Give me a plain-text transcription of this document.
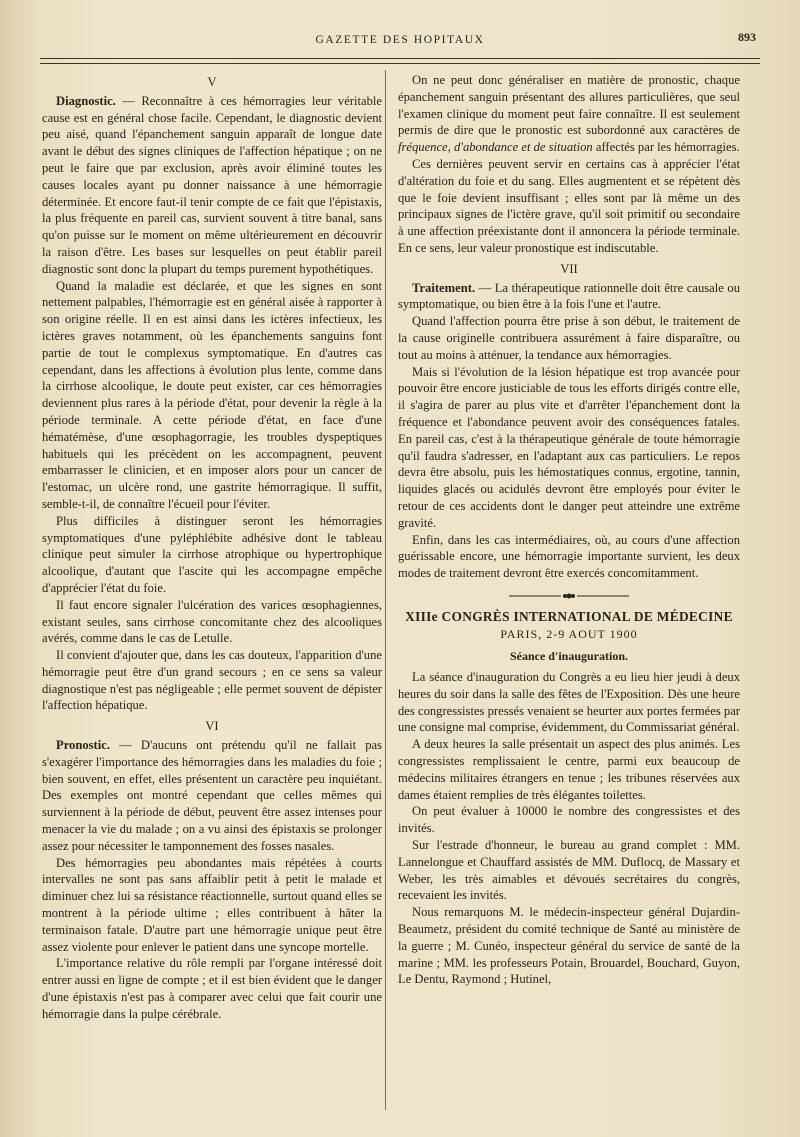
GAZETTE DES HOPITAUX	893
V

Diagnostic. — Reconnaître à ces hémorragies leur véritable cause est en général chose facile. Cependant, le diagnostic devient peu aisé, quand l'épanchement sanguin apparaît de longue date avant le début des signes cliniques de l'affection hépatique ; on ne peut le faire que par exclusion, après avoir éliminé toutes les causes locales ayant pu donner naissance à une hémorragie déterminée. Et encore faut-il tenir compte de ce fait que l'épistaxis, la plus fréquente en pareil cas, survient souvent à titre banal, sans qu'on puisse sur le moment on même ultérieurement en découvrir la raison d'être. Les bases sur lesquelles on peut établir pareil diagnostic sont donc la plupart du temps purement hypothétiques.

Quand la maladie est déclarée, et que les signes en sont nettement palpables, l'hémorragie est en général aisée à rapporter à son origine réelle. Il en est ainsi dans les ictères infectieux, les ictères graves notamment, où les épanchements sanguins font partie de tout le complexus symptomatique. En d'autres cas cependant, dans les affections à évolution plus lente, comme dans la cirrhose alcoolique, le doute peut exister, car ces hémorragies deviennent plus rares à la période d'état, pour devenir la règle à la période terminale. A cette période d'état, en face d'une hématémèse, d'une œsophagorragie, les troubles dyspeptiques habituels qui les précèdent on les accompagnent, peuvent embarrasser le clinicien, et en imposer alors pour un cancer de l'estomac, un ulcère rond, une gastrite hémorragique. Il suffit, semble-t-il, de connaître l'écueil pour l'éviter.

Plus difficiles à distinguer seront les hémorragies symptomatiques d'une pyléphlébite adhésive dont le tableau clinique peut simuler la cirrhose atrophique ou hypertrophique alcoolique, d'autant que l'ascite qui les accompagne empêche d'apprécier l'état du foie.

Il faut encore signaler l'ulcération des varices œsophagiennes, existant seules, sans cirrhose concomitante chez des alcooliques avérés, comme dans le cas de Letulle.

Il convient d'ajouter que, dans les cas douteux, l'apparition d'une hémorragie peut être d'un grand secours ; en ce sens sa valeur diagnostique n'est pas négligeable ; elle permet souvent de dépister l'affection hépatique.

VI

Pronostic. — D'aucuns ont prétendu qu'il ne fallait pas s'exagérer l'importance des hémorragies dans les maladies du foie ; bien souvent, en effet, elles présentent un caractère peu inquiétant. Des exemples ont montré cependant que celles mêmes qui surviennent à la période de début, peuvent être assez intenses pour menacer la vie du malade ; on a vu ainsi des épistaxis se prolonger assez pour nécessiter le tamponnement des fosses nasales.

Des hémorragies peu abondantes mais répétées à courts intervalles ne sont pas sans affaiblir petit à petit le malade et diminuer chez lui sa résistance réactionnelle, surtout quand elles se montrent à la période ultime ; elles contribuent à hâter la terminaison fatale. D'autre part une hémorragie unique peut être assez violente pour enlever le patient dans une syncope mortelle.

L'importance relative du rôle rempli par l'organe intéressé doit entrer aussi en ligne de compte ; et il est bien évident que le danger d'une épistaxis n'est pas à comparer avec celui que fait courir une hémorragie dans la pulpe cérébrale.

On ne peut donc généraliser en matière de pronostic, chaque épanchement sanguin présentant des allures particulières, que seul l'examen clinique du moment peut faire connaître. Il est seulement permis de dire que le pronostic est subordonné aux caractères de fréquence, d'abondance et de situation affectés par les hémorragies.

Ces dernières peuvent servir en certains cas à apprécier l'état d'altération du foie et du sang. Elles augmentent et se répètent dès que le foie devient insuffisant ; elles sont par là même un des principaux signes de l'ictère grave, qu'il soit primitif ou secondaire à une affection préexistante dont il annoncera la période terminale. En ce sens, leur valeur pronostique est indiscutable.

VII

Traitement. — La thérapeutique rationnelle doit être causale ou symptomatique, ou bien être à la fois l'une et l'autre.

Quand l'affection pourra être prise à son début, le traitement de la cause originelle contribuera assurément à faire disparaître, ou tout au moins à atténuer, la tendance aux hémorragies.

Mais si l'évolution de la lésion hépatique est trop avancée pour pouvoir être encore justiciable de tous les efforts dirigés contre elle, il s'agira de parer au plus vite et d'arrêter l'épanchement dont la fréquence et l'abondance peuvent avoir des conséquences fatales. En pareil cas, c'est à la thérapeutique générale de toute hémorragie qu'il faudra s'adresser, en l'adaptant aux cas particuliers. Le repos devra être absolu, puis les hémostatiques connus, ergotine, tannin, liquides glacés ou acidulés devront être employés pour éviter le retour de ces accidents dont le danger peut atteindre une extrême gravité.

Enfin, dans les cas intermédiaires, où, au cours d'une affection guérissable encore, une hémorragie importante survient, les deux modes de traitement devront être exercés concomitamment.

XIIIe CONGRÈS INTERNATIONAL DE MÉDECINE
PARIS, 2-9 AOUT 1900
Séance d'inauguration.

La séance d'inauguration du Congrès a eu lieu hier jeudi à deux heures du soir dans la salle des fêtes de l'Exposition. Dès une heure des congressistes pressés venaient se heurter aux portes fermées par une consigne mal comprise, évidemment, du Commissariat général.

A deux heures la salle présentait un aspect des plus animés. Les congressistes remplissaient le centre, parmi eux beaucoup de médecins militaires étrangers en tenue ; les tribunes réservées aux dames étaient remplies de très élégantes toilettes.

On peut évaluer à 10000 le nombre des congressistes et des invités.

Sur l'estrade d'honneur, le bureau au grand complet : MM. Lannelongue et Chauffard assistés de MM. Duflocq, de Massary et Weber, les très aimables et dévoués secrétaires du congrès, recevaient les invités.

Nous remarquons M. le médecin-inspecteur général Dujardin-Beaumetz, président du comité technique de Santé au ministère de la guerre ; M. Cunéo, inspecteur général du service de santé de la marine ; MM. les professeurs Potain, Brouardel, Bouchard, Guyon, Le Dentu, Raymond ; Hutinel,
